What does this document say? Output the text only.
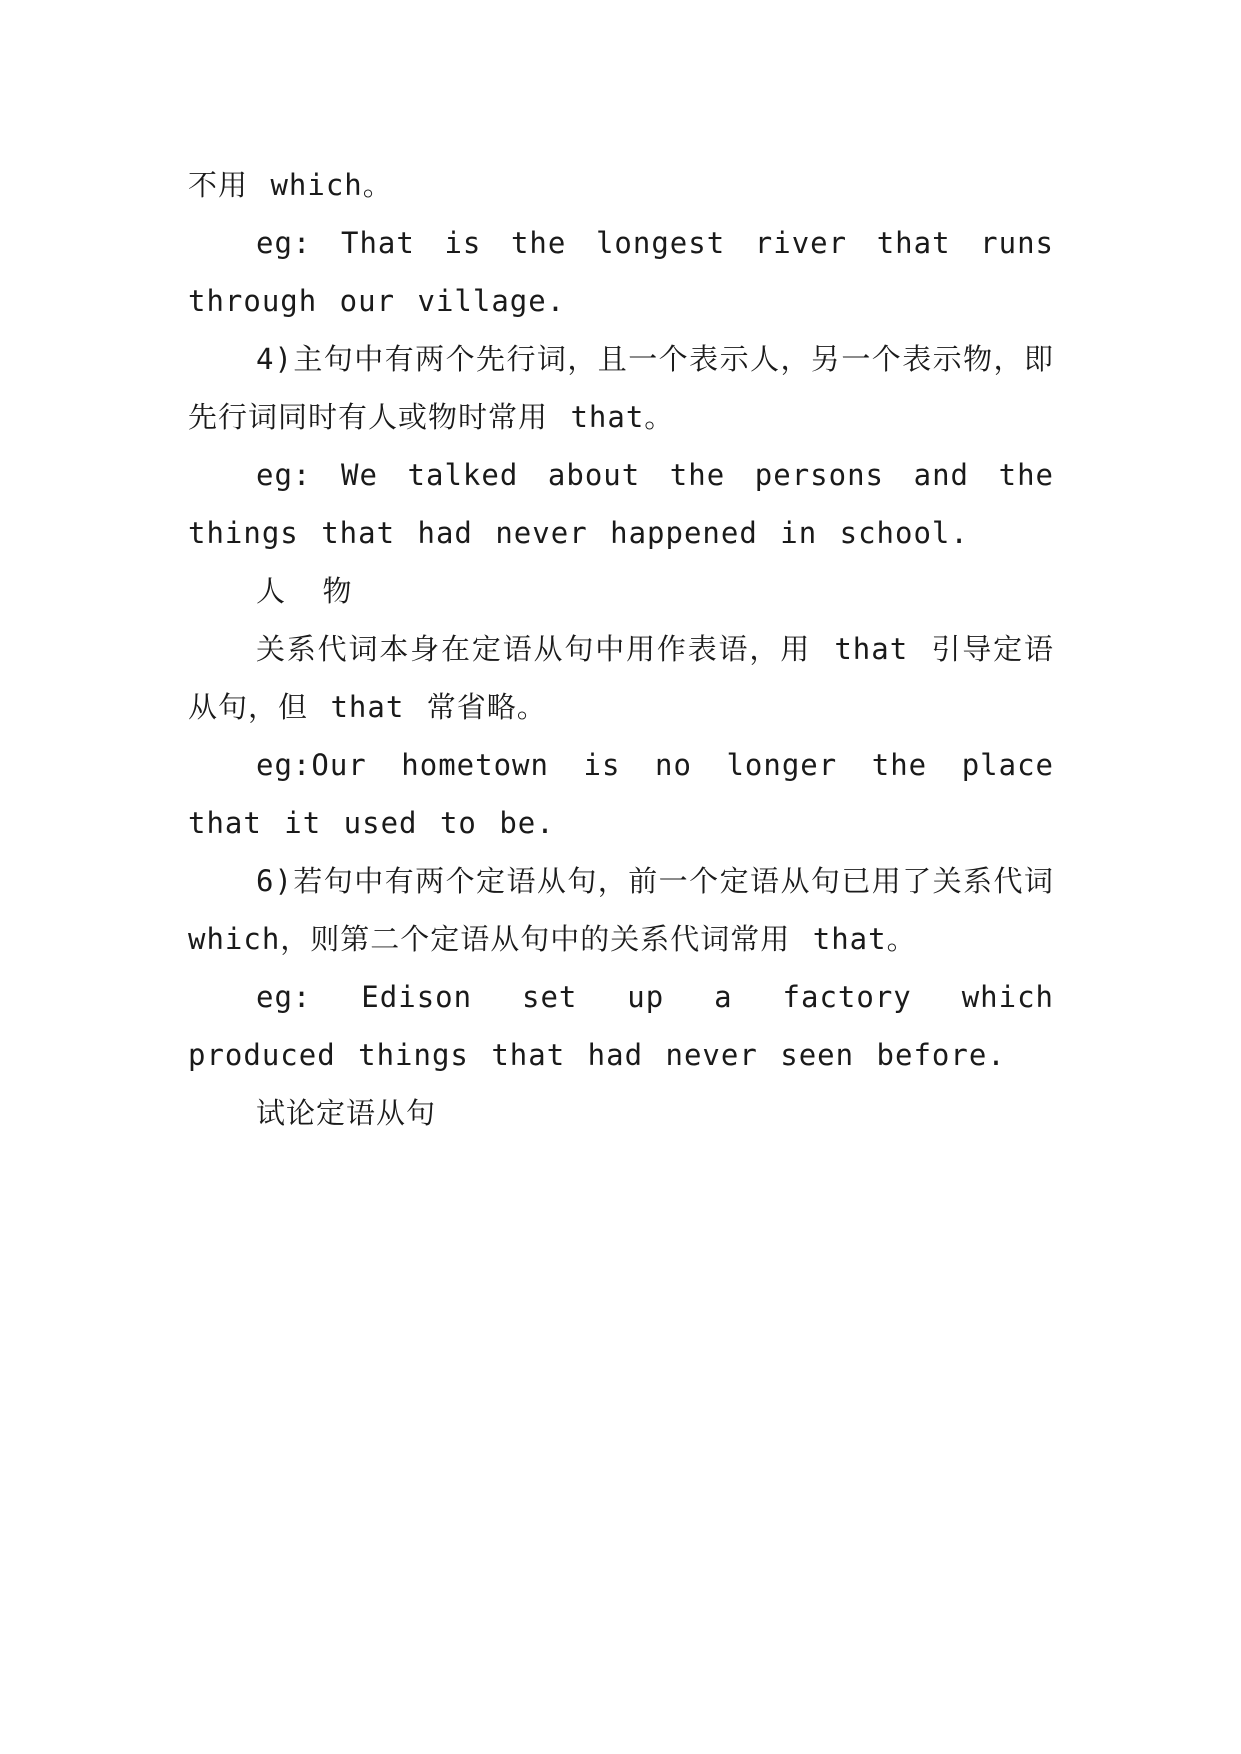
不用 which。

eg: That is the longest river that runs through our village.

4)主句中有两个先行词，且一个表示人，另一个表示物，即先行词同时有人或物时常用 that。

eg: We talked about the persons and the things that had never happened in school.

人 物

关系代词本身在定语从句中用作表语，用 that 引导定语从句，但 that 常省略。

eg:Our hometown is no longer the place that it used to be.

6)若句中有两个定语从句，前一个定语从句已用了关系代词 which，则第二个定语从句中的关系代词常用 that。

eg: Edison set up a factory which produced things that had never seen before.

试论定语从句
